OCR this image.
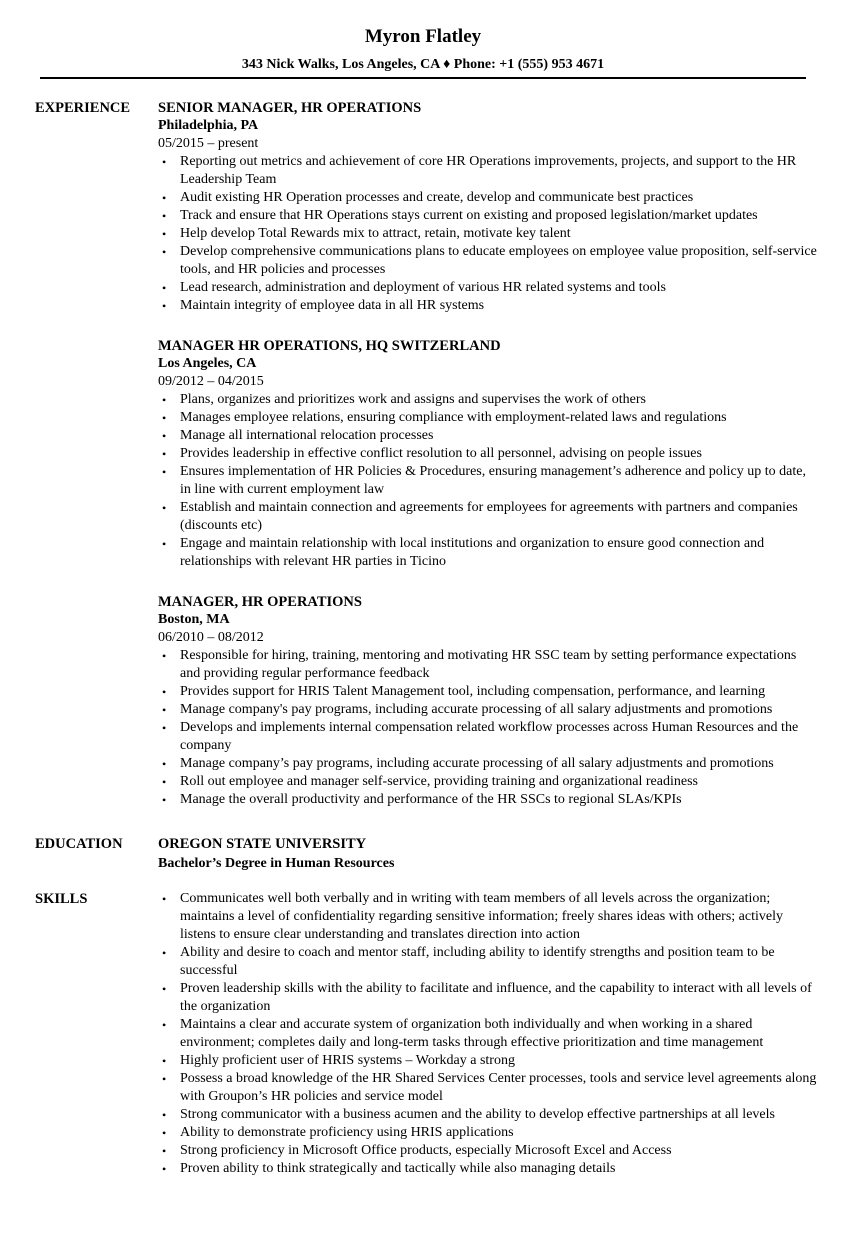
Myron Flatley
343 Nick Walks, Los Angeles, CA ♦ Phone: +1 (555) 953 4671
EXPERIENCE	SENIOR MANAGER, HR OPERATIONS
Philadelphia, PA
05/2015 – present
• Reporting out metrics and achievement of core HR Operations improvements, projects, and support to the HR Leadership Team
• Audit existing HR Operation processes and create, develop and communicate best practices
• Track and ensure that HR Operations stays current on existing and proposed legislation/market updates
• Help develop Total Rewards mix to attract, retain, motivate key talent
• Develop comprehensive communications plans to educate employees on employee value proposition, self-service tools, and HR policies and processes
• Lead research, administration and deployment of various HR related systems and tools
• Maintain integrity of employee data in all HR systems
MANAGER HR OPERATIONS, HQ SWITZERLAND
Los Angeles, CA
09/2012 – 04/2015
• Plans, organizes and prioritizes work and assigns and supervises the work of others
• Manages employee relations, ensuring compliance with employment-related laws and regulations
• Manage all international relocation processes
• Provides leadership in effective conflict resolution to all personnel, advising on people issues
• Ensures implementation of HR Policies & Procedures, ensuring management’s adherence and policy up to date, in line with current employment law
• Establish and maintain connection and agreements for employees for agreements with partners and companies (discounts etc)
• Engage and maintain relationship with local institutions and organization to ensure good connection and relationships with relevant HR parties in Ticino
MANAGER, HR OPERATIONS
Boston, MA
06/2010 – 08/2012
• Responsible for hiring, training, mentoring and motivating HR SSC team by setting performance expectations and providing regular performance feedback
• Provides support for HRIS Talent Management tool, including compensation, performance, and learning
• Manage company's pay programs, including accurate processing of all salary adjustments and promotions
• Develops and implements internal compensation related workflow processes across Human Resources and the company
• Manage company’s pay programs, including accurate processing of all salary adjustments and promotions
• Roll out employee and manager self-service, providing training and organizational readiness
• Manage the overall productivity and performance of the HR SSCs to regional SLAs/KPIs
EDUCATION	OREGON STATE UNIVERSITY
Bachelor’s Degree in Human Resources
SKILLS	• Communicates well both verbally and in writing with team members of all levels across the organization; maintains a level of confidentiality regarding sensitive information; freely shares ideas with others; actively listens to ensure clear understanding and translates direction into action
• Ability and desire to coach and mentor staff, including ability to identify strengths and position team to be successful
• Proven leadership skills with the ability to facilitate and influence, and the capability to interact with all levels of the organization
• Maintains a clear and accurate system of organization both individually and when working in a shared environment; completes daily and long-term tasks through effective prioritization and time management
• Highly proficient user of HRIS systems – Workday a strong
• Possess a broad knowledge of the HR Shared Services Center processes, tools and service level agreements along with Groupon’s HR policies and service model
• Strong communicator with a business acumen and the ability to develop effective partnerships at all levels
• Ability to demonstrate proficiency using HRIS applications
• Strong proficiency in Microsoft Office products, especially Microsoft Excel and Access
• Proven ability to think strategically and tactically while also managing details
